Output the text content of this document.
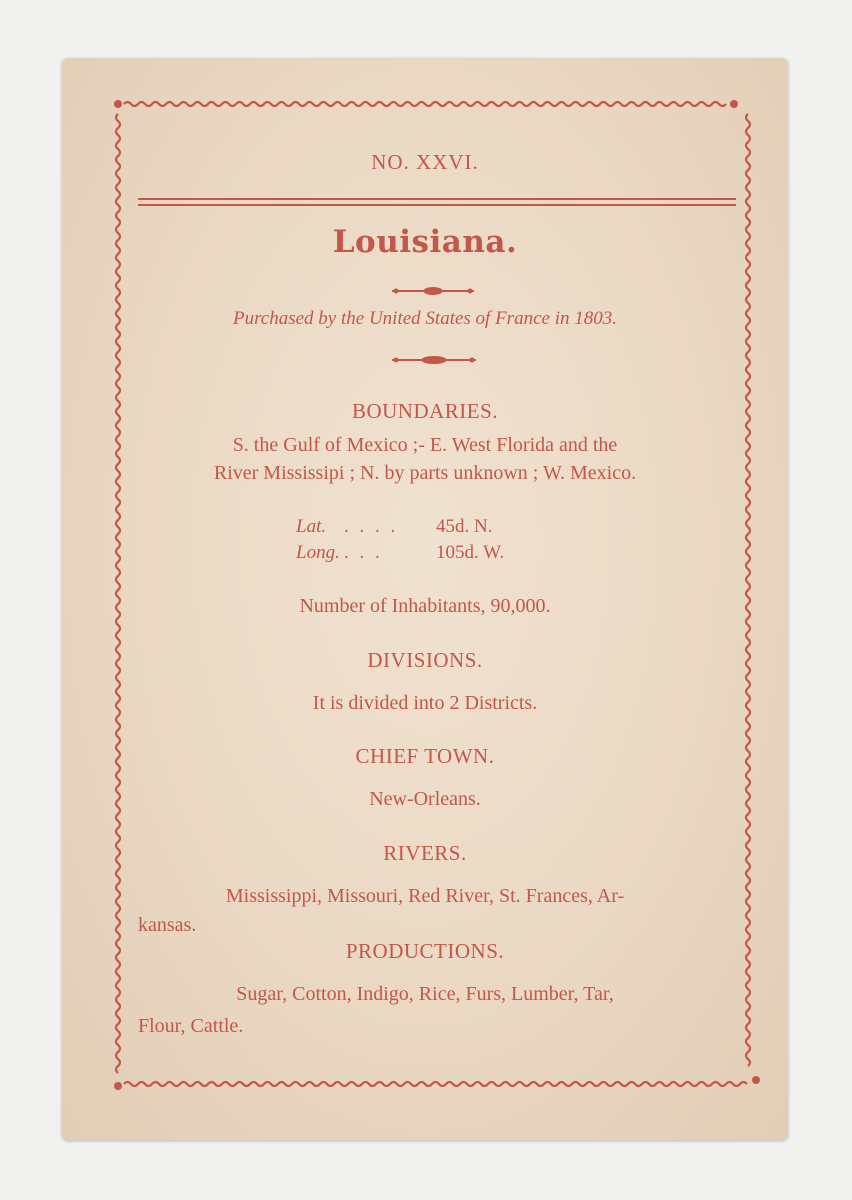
NO. XXVI.
Louisiana.
Purchased by the United States of France in 1803.
BOUNDARIES.
S. the Gulf of Mexico ;- E. West Florida and the
River Mississipi ; N. by parts unknown ; W. Mexico.
Lat. . . . . 45d. N.
Long. . . .	105d. W.
Number of Inhabitants, 90,000.
DIVISIONS.
It is divided into 2 Districts.
CHIEF TOWN.
New-Orleans.
RIVERS.
Mississippi, Missouri, Red River, St. Frances, Ar-
kansas.
PRODUCTIONS.
Sugar, Cotton, Indigo, Rice, Furs, Lumber, Tar,
Flour, Cattle.
